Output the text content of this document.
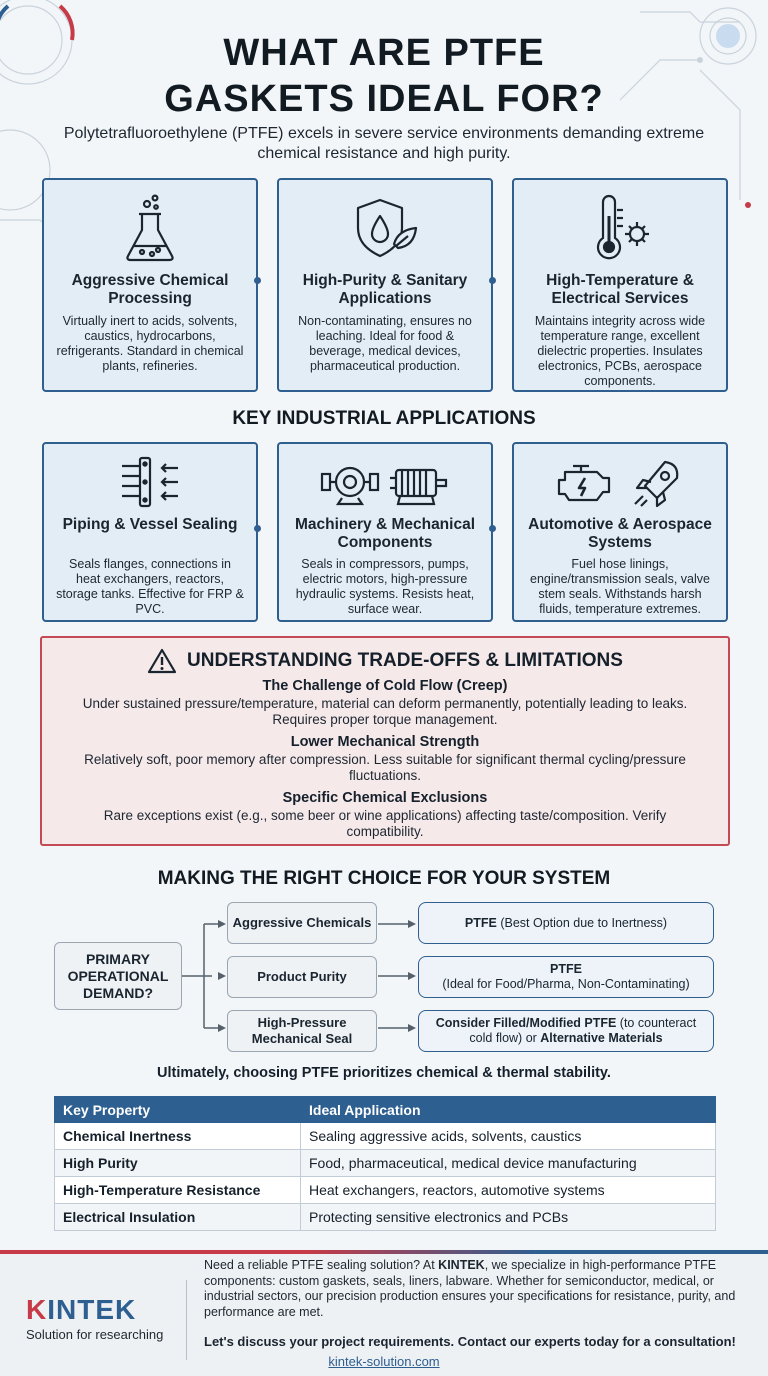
WHAT ARE PTFE
GASKETS IDEAL FOR?
Polytetrafluoroethylene (PTFE) excels in severe service environments demanding extreme chemical resistance and high purity.
Aggressive Chemical Processing

Virtually inert to acids, solvents, caustics, hydrocarbons, refrigerants. Standard in chemical plants, refineries.

High-Purity & Sanitary Applications

Non-contaminating, ensures no leaching. Ideal for food & beverage, medical devices, pharmaceutical production.

High-Temperature & Electrical Services

Maintains integrity across wide temperature range, excellent dielectric properties. Insulates electronics, PCBs, aerospace components.

KEY INDUSTRIAL APPLICATIONS
Piping & Vessel Sealing

Seals flanges, connections in heat exchangers, reactors, storage tanks. Effective for FRP & PVC.

Machinery & Mechanical Components

Seals in compressors, pumps, electric motors, high-pressure hydraulic systems. Resists heat, surface wear.

Automotive & Aerospace Systems

Fuel hose linings, engine/transmission seals, valve stem seals. Withstands harsh fluids, temperature extremes.

UNDERSTANDING TRADE-OFFS & LIMITATIONS
The Challenge of Cold Flow (Creep)

Under sustained pressure/temperature, material can deform permanently, potentially leading to leaks. Requires proper torque management.

Lower Mechanical Strength

Relatively soft, poor memory after compression. Less suitable for significant thermal cycling/pressure fluctuations.

Specific Chemical Exclusions

Rare exceptions exist (e.g., some beer or wine applications) affecting taste/composition. Verify compatibility.

MAKING THE RIGHT CHOICE FOR YOUR SYSTEM
PRIMARY OPERATIONAL DEMAND?
Aggressive Chemicals
Product Purity
High-Pressure Mechanical Seal
PTFE (Best Option due to Inertness)
PTFE
(Ideal for Food/Pharma, Non-Contaminating)
Consider Filled/Modified PTFE (to counteract cold flow) or Alternative Materials
Ultimately, choosing PTFE prioritizes chemical & thermal stability.
Key Property	Ideal Application
Chemical Inertness	Sealing aggressive acids, solvents, caustics
High Purity	Food, pharmaceutical, medical device manufacturing
High-Temperature Resistance	Heat exchangers, reactors, automotive systems
Electrical Insulation	Protecting sensitive electronics and PCBs
KINTEK
Solution for researching
Need a reliable PTFE sealing solution? At KINTEK, we specialize in high-performance PTFE components: custom gaskets, seals, liners, labware. Whether for semiconductor, medical, or industrial sectors, our precision production ensures your specifications for resistance, purity, and performance are met.
Let's discuss your project requirements. Contact our experts today for a consultation!
kintek-solution.com
